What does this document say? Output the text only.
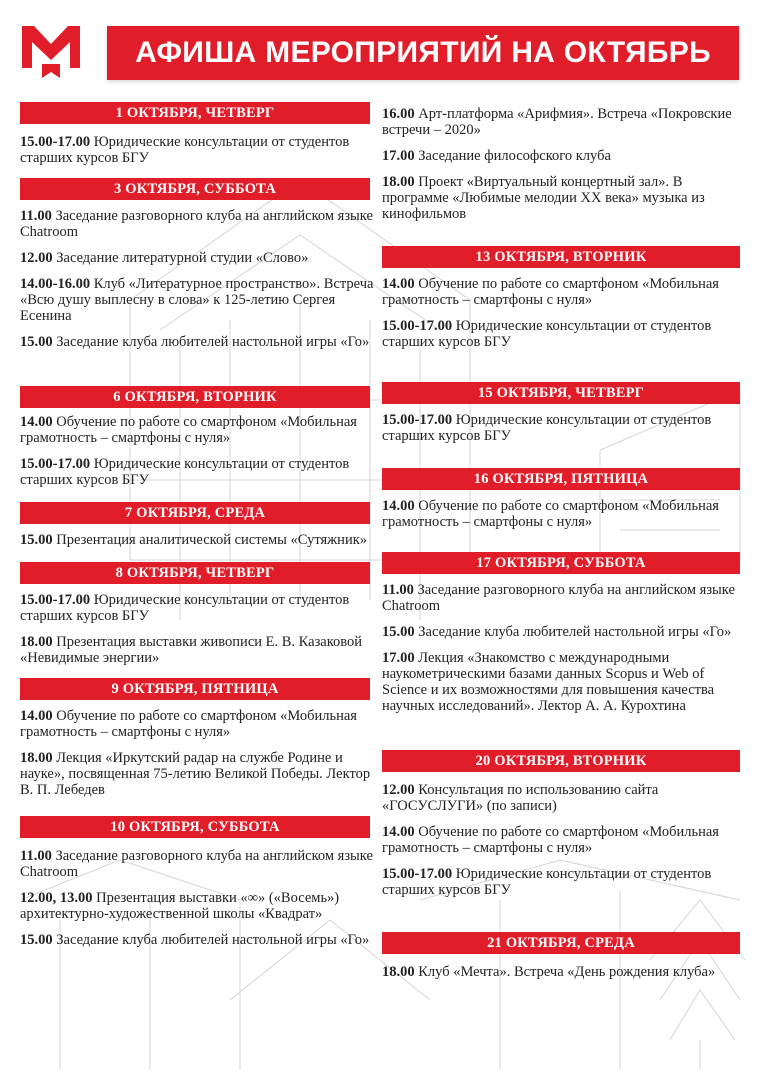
АФИША МЕРОПРИЯТИЙ НА ОКТЯБРЬ
1 ОКТЯБРЯ, ЧЕТВЕРГ
15.00-17.00 Юридические консультации от студентов старших курсов БГУ
3 ОКТЯБРЯ, СУББОТА
11.00 Заседание разговорного клуба на английском языке Chatroom
12.00 Заседание литературной студии «Слово»
14.00-16.00 Клуб «Литературное пространство». Встреча «Всю душу выплесну в слова» к 125-летию Сергея Есенина
15.00 Заседание клуба любителей настольной игры «Го»
6 ОКТЯБРЯ, ВТОРНИК
14.00 Обучение по работе со смартфоном «Мобильная грамотность – смартфоны с нуля»
15.00-17.00 Юридические консультации от студентов старших курсов БГУ
7 ОКТЯБРЯ, СРЕДА
15.00 Презентация аналитической системы «Сутяжник»
8 ОКТЯБРЯ, ЧЕТВЕРГ
15.00-17.00 Юридические консультации от студентов старших курсов БГУ
18.00 Презентация выставки живописи Е. В. Казаковой «Невидимые энергии»
9 ОКТЯБРЯ, ПЯТНИЦА
14.00 Обучение по работе со смартфоном «Мобильная грамотность – смартфоны с нуля»
18.00 Лекция «Иркутский радар на службе Родине и науке», посвященная 75-летию Великой Победы. Лектор В. П. Лебедев
10 ОКТЯБРЯ, СУББОТА
11.00 Заседание разговорного клуба на английском языке Chatroom
12.00, 13.00 Презентация выставки «∞» («Восемь») архитектурно-художественной школы «Квадрат»
15.00 Заседание клуба любителей настольной игры «Го»
16.00 Арт-платформа «Арифмия». Встреча «Покровские встречи – 2020»
17.00 Заседание философского клуба
18.00 Проект «Виртуальный концертный зал». В программе «Любимые мелодии XX века» музыка из кинофильмов
13 ОКТЯБРЯ, ВТОРНИК
14.00 Обучение по работе со смартфоном «Мобильная грамотность – смартфоны с нуля»
15.00-17.00 Юридические консультации от студентов старших курсов БГУ
15 ОКТЯБРЯ, ЧЕТВЕРГ
15.00-17.00 Юридические консультации от студентов старших курсов БГУ
16 ОКТЯБРЯ, ПЯТНИЦА
14.00 Обучение по работе со смартфоном «Мобильная грамотность – смартфоны с нуля»
17 ОКТЯБРЯ, СУББОТА
11.00 Заседание разговорного клуба на английском языке Chatroom
15.00 Заседание клуба любителей настольной игры «Го»
17.00 Лекция «Знакомство с международными наукометрическими базами данных Scopus и Web of Science и их возможностями для повышения качества научных исследований». Лектор А. А. Курохтина
20 ОКТЯБРЯ, ВТОРНИК
12.00 Консультация по использованию сайта «ГОСУСЛУГИ» (по записи)
14.00 Обучение по работе со смартфоном «Мобильная грамотность – смартфоны с нуля»
15.00-17.00 Юридические консультации от студентов старших курсов БГУ
21 ОКТЯБРЯ, СРЕДА
18.00 Клуб «Мечта». Встреча «День рождения клуба»
